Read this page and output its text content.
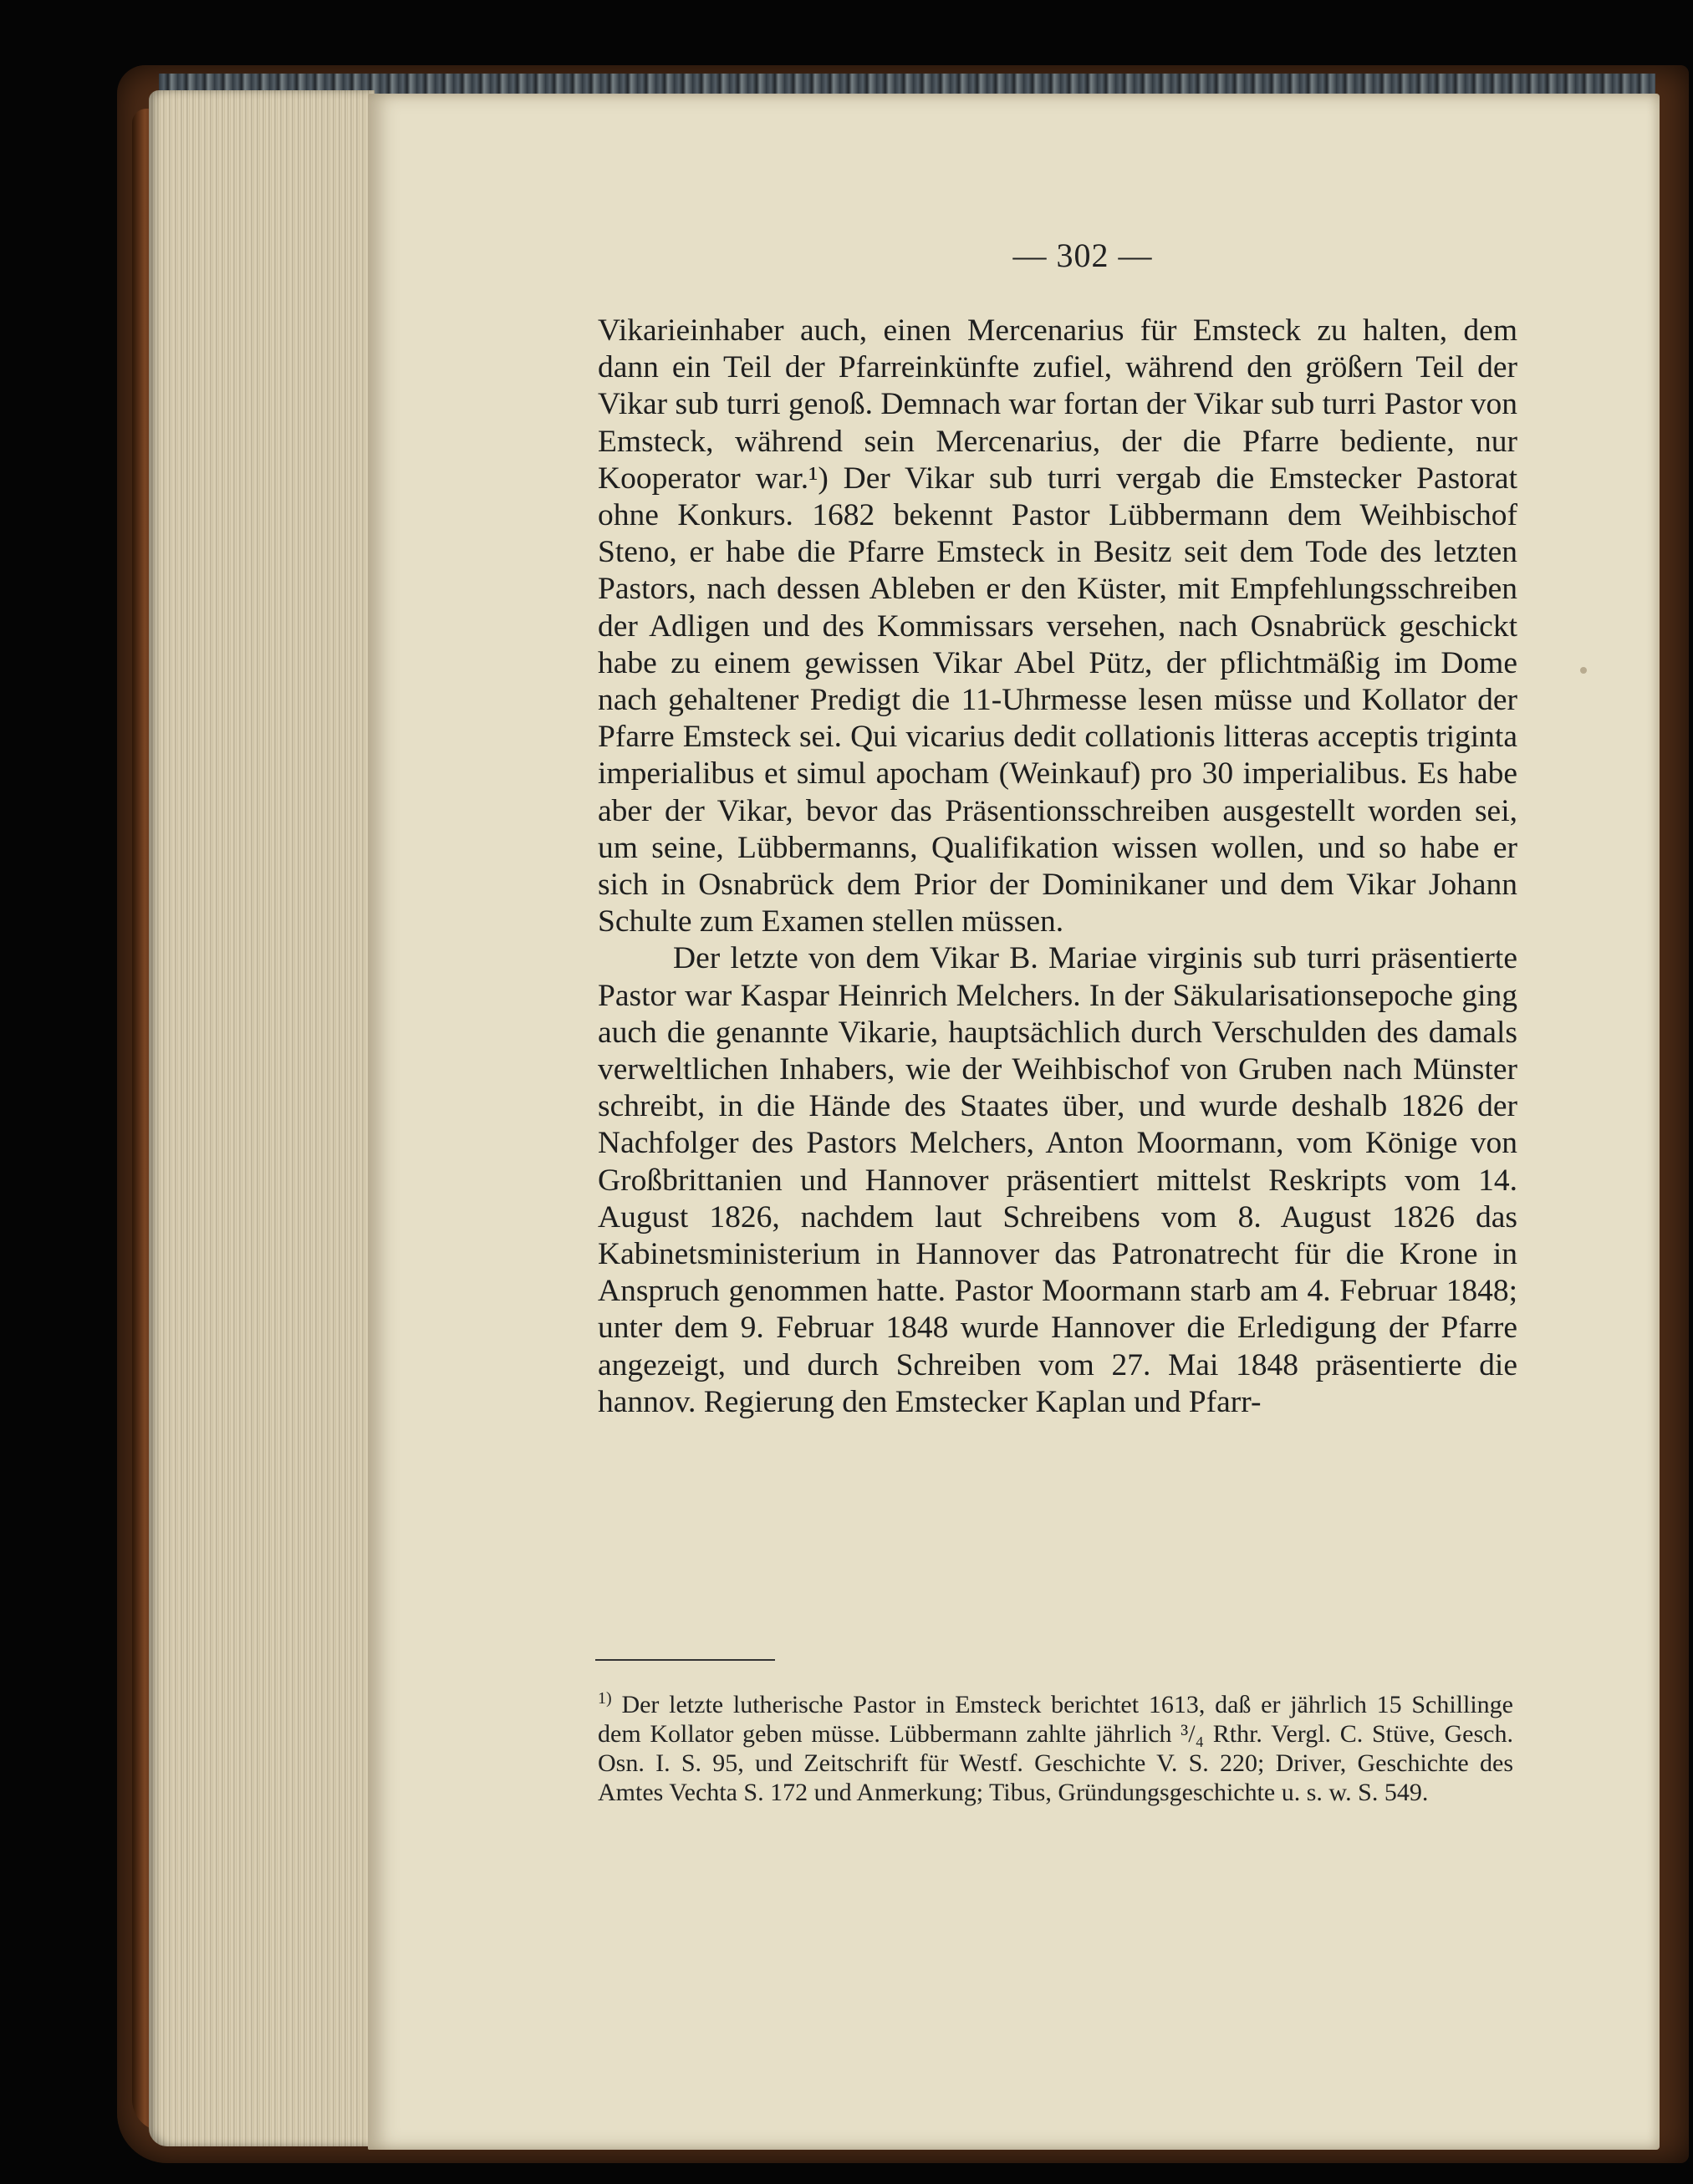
— 302 —

Vikarieinhaber auch, einen Mercenarius für Emsteck zu halten, dem dann ein Teil der Pfarreinkünfte zufiel, während den größern Teil der Vikar sub turri genoß. Demnach war fortan der Vikar sub turri Pastor von Emsteck, während sein Mercenarius, der die Pfarre bediente, nur Kooperator war.¹) Der Vikar sub turri vergab die Emstecker Pastorat ohne Konkurs. 1682 bekennt Pastor Lübbermann dem Weihbischof Steno, er habe die Pfarre Emsteck in Besitz seit dem Tode des letzten Pastors, nach dessen Ableben er den Küster, mit Empfehlungsschreiben der Adligen und des Kommissars versehen, nach Osnabrück geschickt habe zu einem gewissen Vikar Abel Pütz, der pflichtmäßig im Dome nach gehaltener Predigt die 11-Uhrmesse lesen müsse und Kollator der Pfarre Emsteck sei. Qui vicarius dedit collationis litteras acceptis triginta imperialibus et simul apocham (Weinkauf) pro 30 imperialibus. Es habe aber der Vikar, bevor das Präsentionsschreiben ausgestellt worden sei, um seine, Lübbermanns, Qualifikation wissen wollen, und so habe er sich in Osnabrück dem Prior der Dominikaner und dem Vikar Johann Schulte zum Examen stellen müssen.

Der letzte von dem Vikar B. Mariae virginis sub turri präsentierte Pastor war Kaspar Heinrich Melchers. In der Säkularisationsepoche ging auch die genannte Vikarie, hauptsächlich durch Verschulden des damals verweltlichen Inhabers, wie der Weihbischof von Gruben nach Münster schreibt, in die Hände des Staates über, und wurde deshalb 1826 der Nachfolger des Pastors Melchers, Anton Moormann, vom Könige von Großbrittanien und Hannover präsentiert mittelst Reskripts vom 14. August 1826, nachdem laut Schreibens vom 8. August 1826 das Kabinetsministerium in Hannover das Patronatrecht für die Krone in Anspruch genommen hatte. Pastor Moormann starb am 4. Februar 1848; unter dem 9. Februar 1848 wurde Hannover die Erledigung der Pfarre angezeigt, und durch Schreiben vom 27. Mai 1848 präsentierte die hannov. Regierung den Emstecker Kaplan und Pfarr-

$^{1)}$ Der letzte lutherische Pastor in Emsteck berichtet 1613, daß er jährlich 15 Schillinge dem Kollator geben müsse. Lübbermann zahlte jährlich ³/₄ Rthr. Vergl. C. Stüve, Gesch. Osn. I. S. 95, und Zeitschrift für Westf. Geschichte V. S. 220; Driver, Geschichte des Amtes Vechta S. 172 und Anmerkung; Tibus, Gründungsgeschichte u. s. w. S. 549.
